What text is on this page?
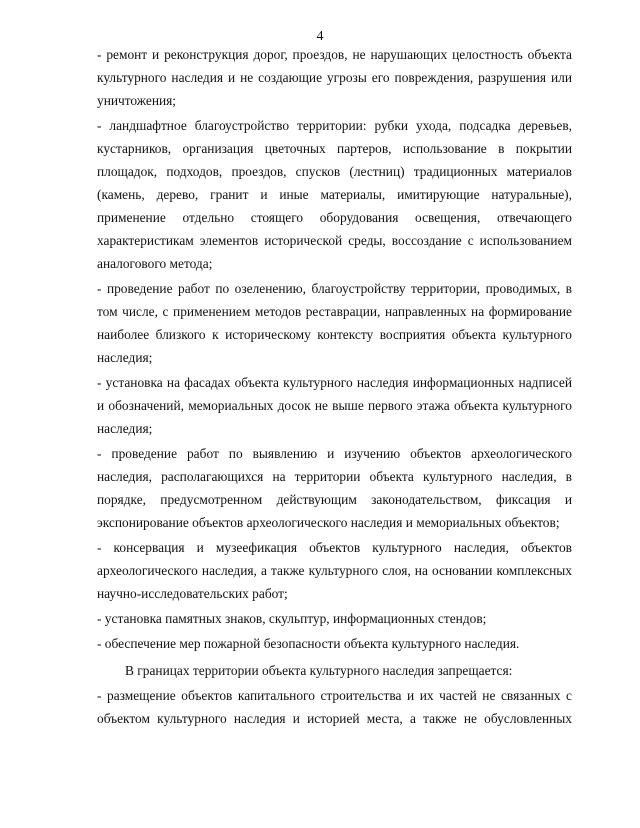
4

- ремонт и реконструкция дорог, проездов, не нарушающих целостность объекта культурного наследия и не создающие угрозы его повреждения, разрушения или уничтожения;

- ландшафтное благоустройство территории: рубки ухода, подсадка деревьев, кустарников, организация цветочных партеров, использование в покрытии площадок, подходов, проездов, спусков (лестниц) традиционных материалов (камень, дерево, гранит и иные материалы, имитирующие натуральные), применение отдельно стоящего оборудования освещения, отвечающего характеристикам элементов исторической среды, воссоздание с использованием аналогового метода;

- проведение работ по озеленению, благоустройству территории, проводимых, в том числе, с применением методов реставрации, направленных на формирование наиболее близкого к историческому контексту восприятия объекта культурного наследия;

- установка на фасадах объекта культурного наследия информационных надписей и обозначений, мемориальных досок не выше первого этажа объекта культурного наследия;

- проведение работ по выявлению и изучению объектов археологического наследия, располагающихся на территории объекта культурного наследия, в порядке, предусмотренном действующим законодательством, фиксация и экспонирование объектов археологического наследия и мемориальных объектов;

- консервация и музеефикация объектов культурного наследия, объектов археологического наследия, а также культурного слоя, на основании комплексных научно-исследовательских работ;

- установка памятных знаков, скульптур, информационных стендов;

- обеспечение мер пожарной безопасности объекта культурного наследия.

В границах территории объекта культурного наследия запрещается:

- размещение объектов капитального строительства и их частей не связанных с объектом культурного наследия и историей места, а также не обусловленных
